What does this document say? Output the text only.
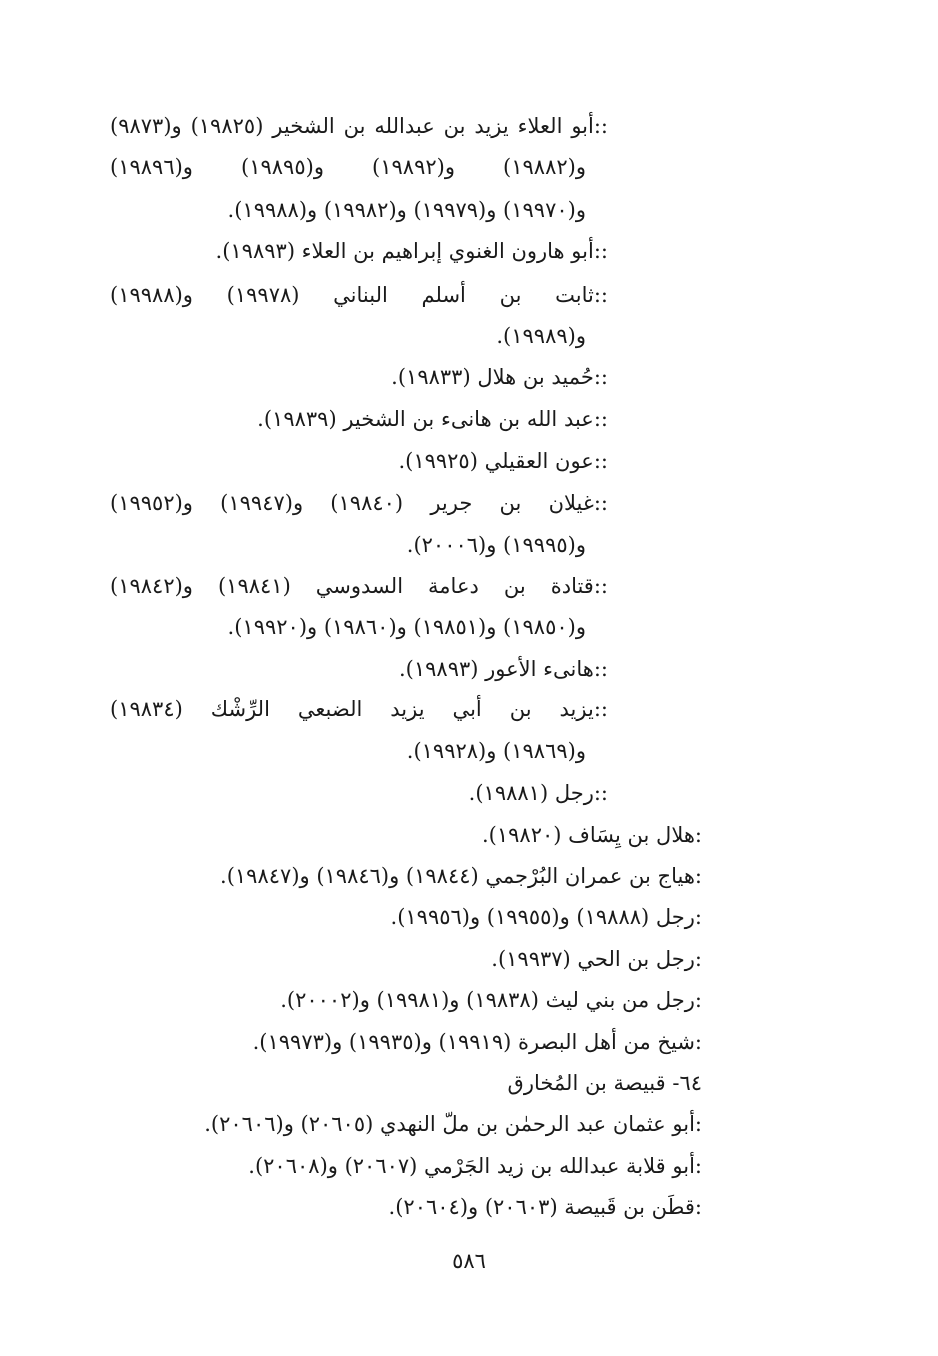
::أبو العلاء يزيد بن عبدالله بن الشخير (١٩٨٢٥) و(٩٨٧٣)
و(١٩٨٨٢) و(١٩٨٩٢) و(١٩٨٩٥) و(١٩٨٩٦)
و(١٩٩٧٠) و(١٩٩٧٩) و(١٩٩٨٢) و(١٩٩٨٨).
::أبو هارون الغنوي إبراهيم بن العلاء (١٩٨٩٣).
::ثابت بن أسلم البناني (١٩٩٧٨) و(١٩٩٨٨)
و(١٩٩٨٩).
::حُميد بن هلال (١٩٨٣٣).
::عبد الله بن هانىء بن الشخير (١٩٨٣٩).
::عون العقيلي (١٩٩٢٥).
::غيلان بن جرير (١٩٨٤٠) و(١٩٩٤٧) و(١٩٩٥٢)
و(١٩٩٩٥) و(٢٠٠٠٦).
::قتادة بن دعامة السدوسي (١٩٨٤١) و(١٩٨٤٢)
و(١٩٨٥٠) و(١٩٨٥١) و(١٩٨٦٠) و(١٩٩٢٠).
::هانىء الأعور (١٩٨٩٣).
::يزيد بن أبي يزيد الضبعي الرِّشْك (١٩٨٣٤)
و(١٩٨٦٩) و(١٩٩٢٨).
::رجل (١٩٨٨١).
:هلال بن يِسَاف (١٩٨٢٠).
:هياج بن عمران البُرْجمي (١٩٨٤٤) و(١٩٨٤٦) و(١٩٨٤٧).
:رجل (١٩٨٨٨) و(١٩٩٥٥) و(١٩٩٥٦).
:رجل بن الحي (١٩٩٣٧).
:رجل من بني ليث (١٩٨٣٨) و(١٩٩٨١) و(٢٠٠٠٢).
:شيخ من أهل البصرة (١٩٩١٩) و(١٩٩٣٥) و(١٩٩٧٣).
٦٤- قبيصة بن المُخارق
:أبو عثمان عبد الرحمٰن بن ملّ النهدي (٢٠٦٠٥) و(٢٠٦٠٦).
:أبو قلابة عبدالله بن زيد الجَرْمي (٢٠٦٠٧) و(٢٠٦٠٨).
:قطَن بن قَبيصة (٢٠٦٠٣) و(٢٠٦٠٤).
٥٨٦
